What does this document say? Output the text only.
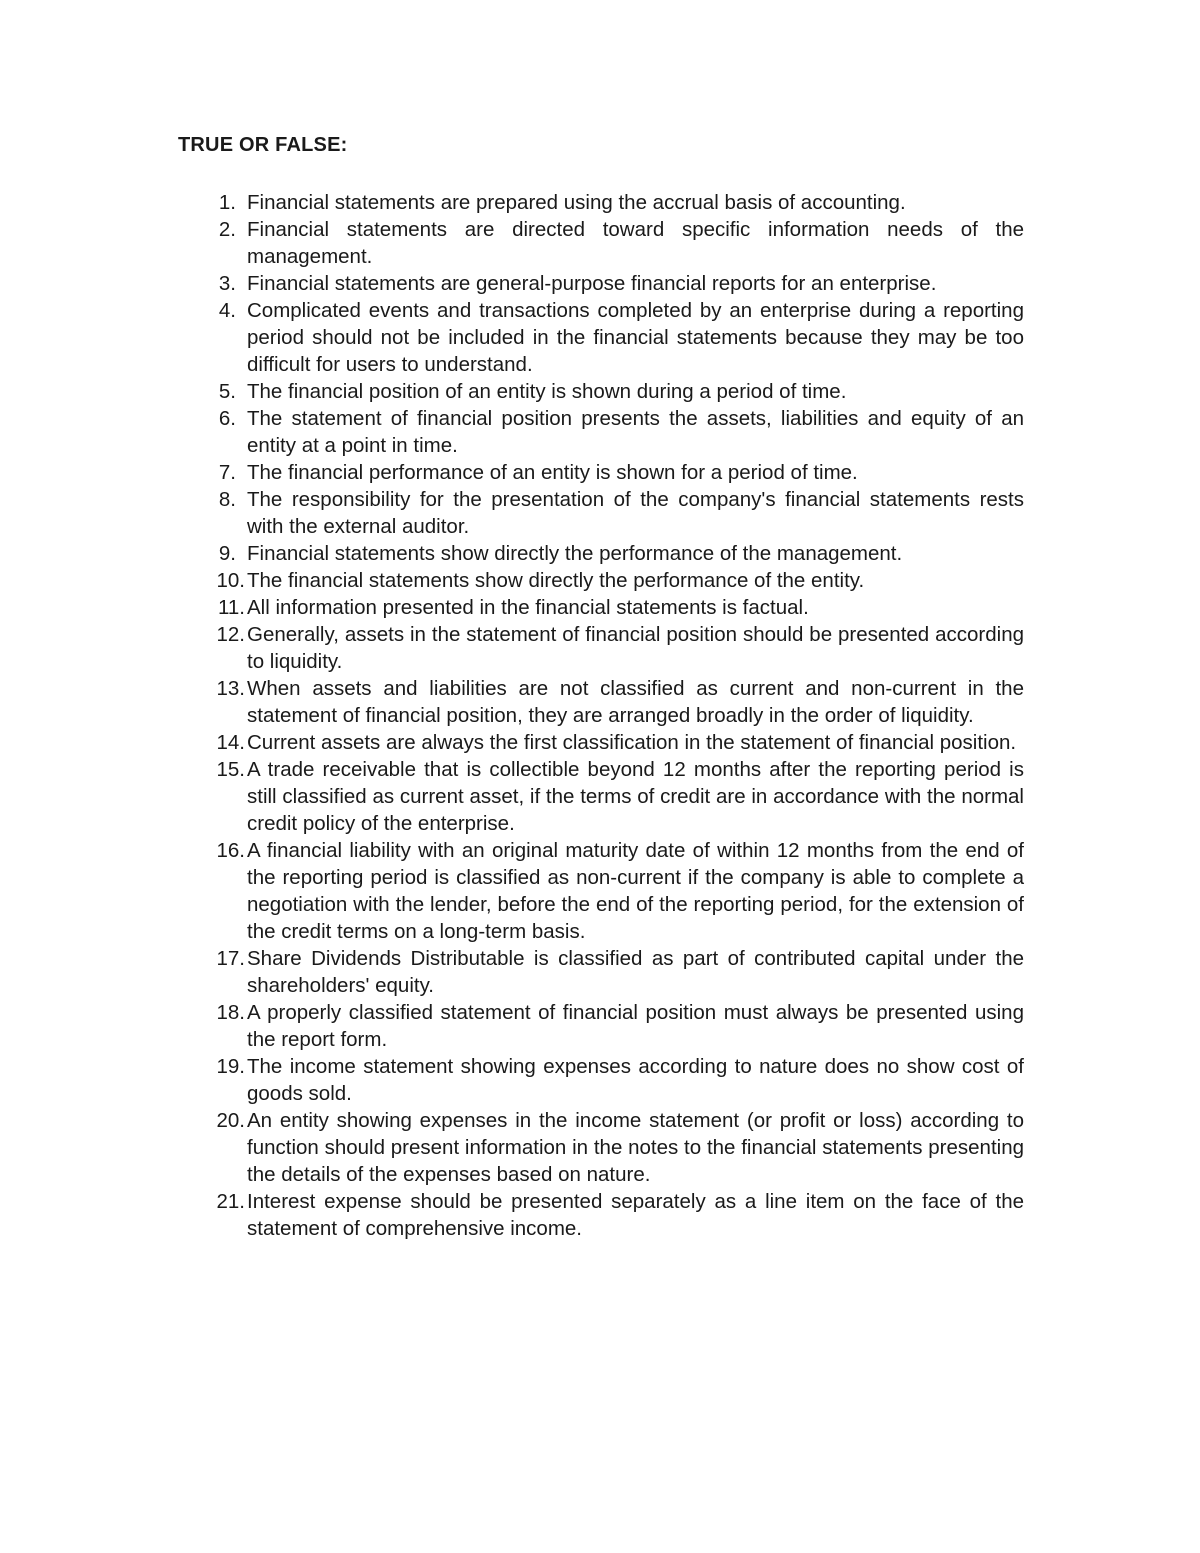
TRUE OR FALSE:
1. Financial statements are prepared using the accrual basis of accounting.
2. Financial statements are directed toward specific information needs of the management.
3. Financial statements are general-purpose financial reports for an enterprise.
4. Complicated events and transactions completed by an enterprise during a reporting period should not be included in the financial statements because they may be too difficult for users to understand.
5. The financial position of an entity is shown during a period of time.
6. The statement of financial position presents the assets, liabilities and equity of an entity at a point in time.
7. The financial performance of an entity is shown for a period of time.
8. The responsibility for the presentation of the company's financial statements rests with the external auditor.
9. Financial statements show directly the performance of the management.
10. The financial statements show directly the performance of the entity.
11. All information presented in the financial statements is factual.
12. Generally, assets in the statement of financial position should be presented according to liquidity.
13. When assets and liabilities are not classified as current and non-current in the statement of financial position, they are arranged broadly in the order of liquidity.
14. Current assets are always the first classification in the statement of financial position.
15. A trade receivable that is collectible beyond 12 months after the reporting period is still classified as current asset, if the terms of credit are in accordance with the normal credit policy of the enterprise.
16. A financial liability with an original maturity date of within 12 months from the end of the reporting period is classified as non-current if the company is able to complete a negotiation with the lender, before the end of the reporting period, for the extension of the credit terms on a long-term basis.
17. Share Dividends Distributable is classified as part of contributed capital under the shareholders' equity.
18. A properly classified statement of financial position must always be presented using the report form.
19. The income statement showing expenses according to nature does no show cost of goods sold.
20. An entity showing expenses in the income statement (or profit or loss) according to function should present information in the notes to the financial statements presenting the details of the expenses based on nature.
21. Interest expense should be presented separately as a line item on the face of the statement of comprehensive income.
